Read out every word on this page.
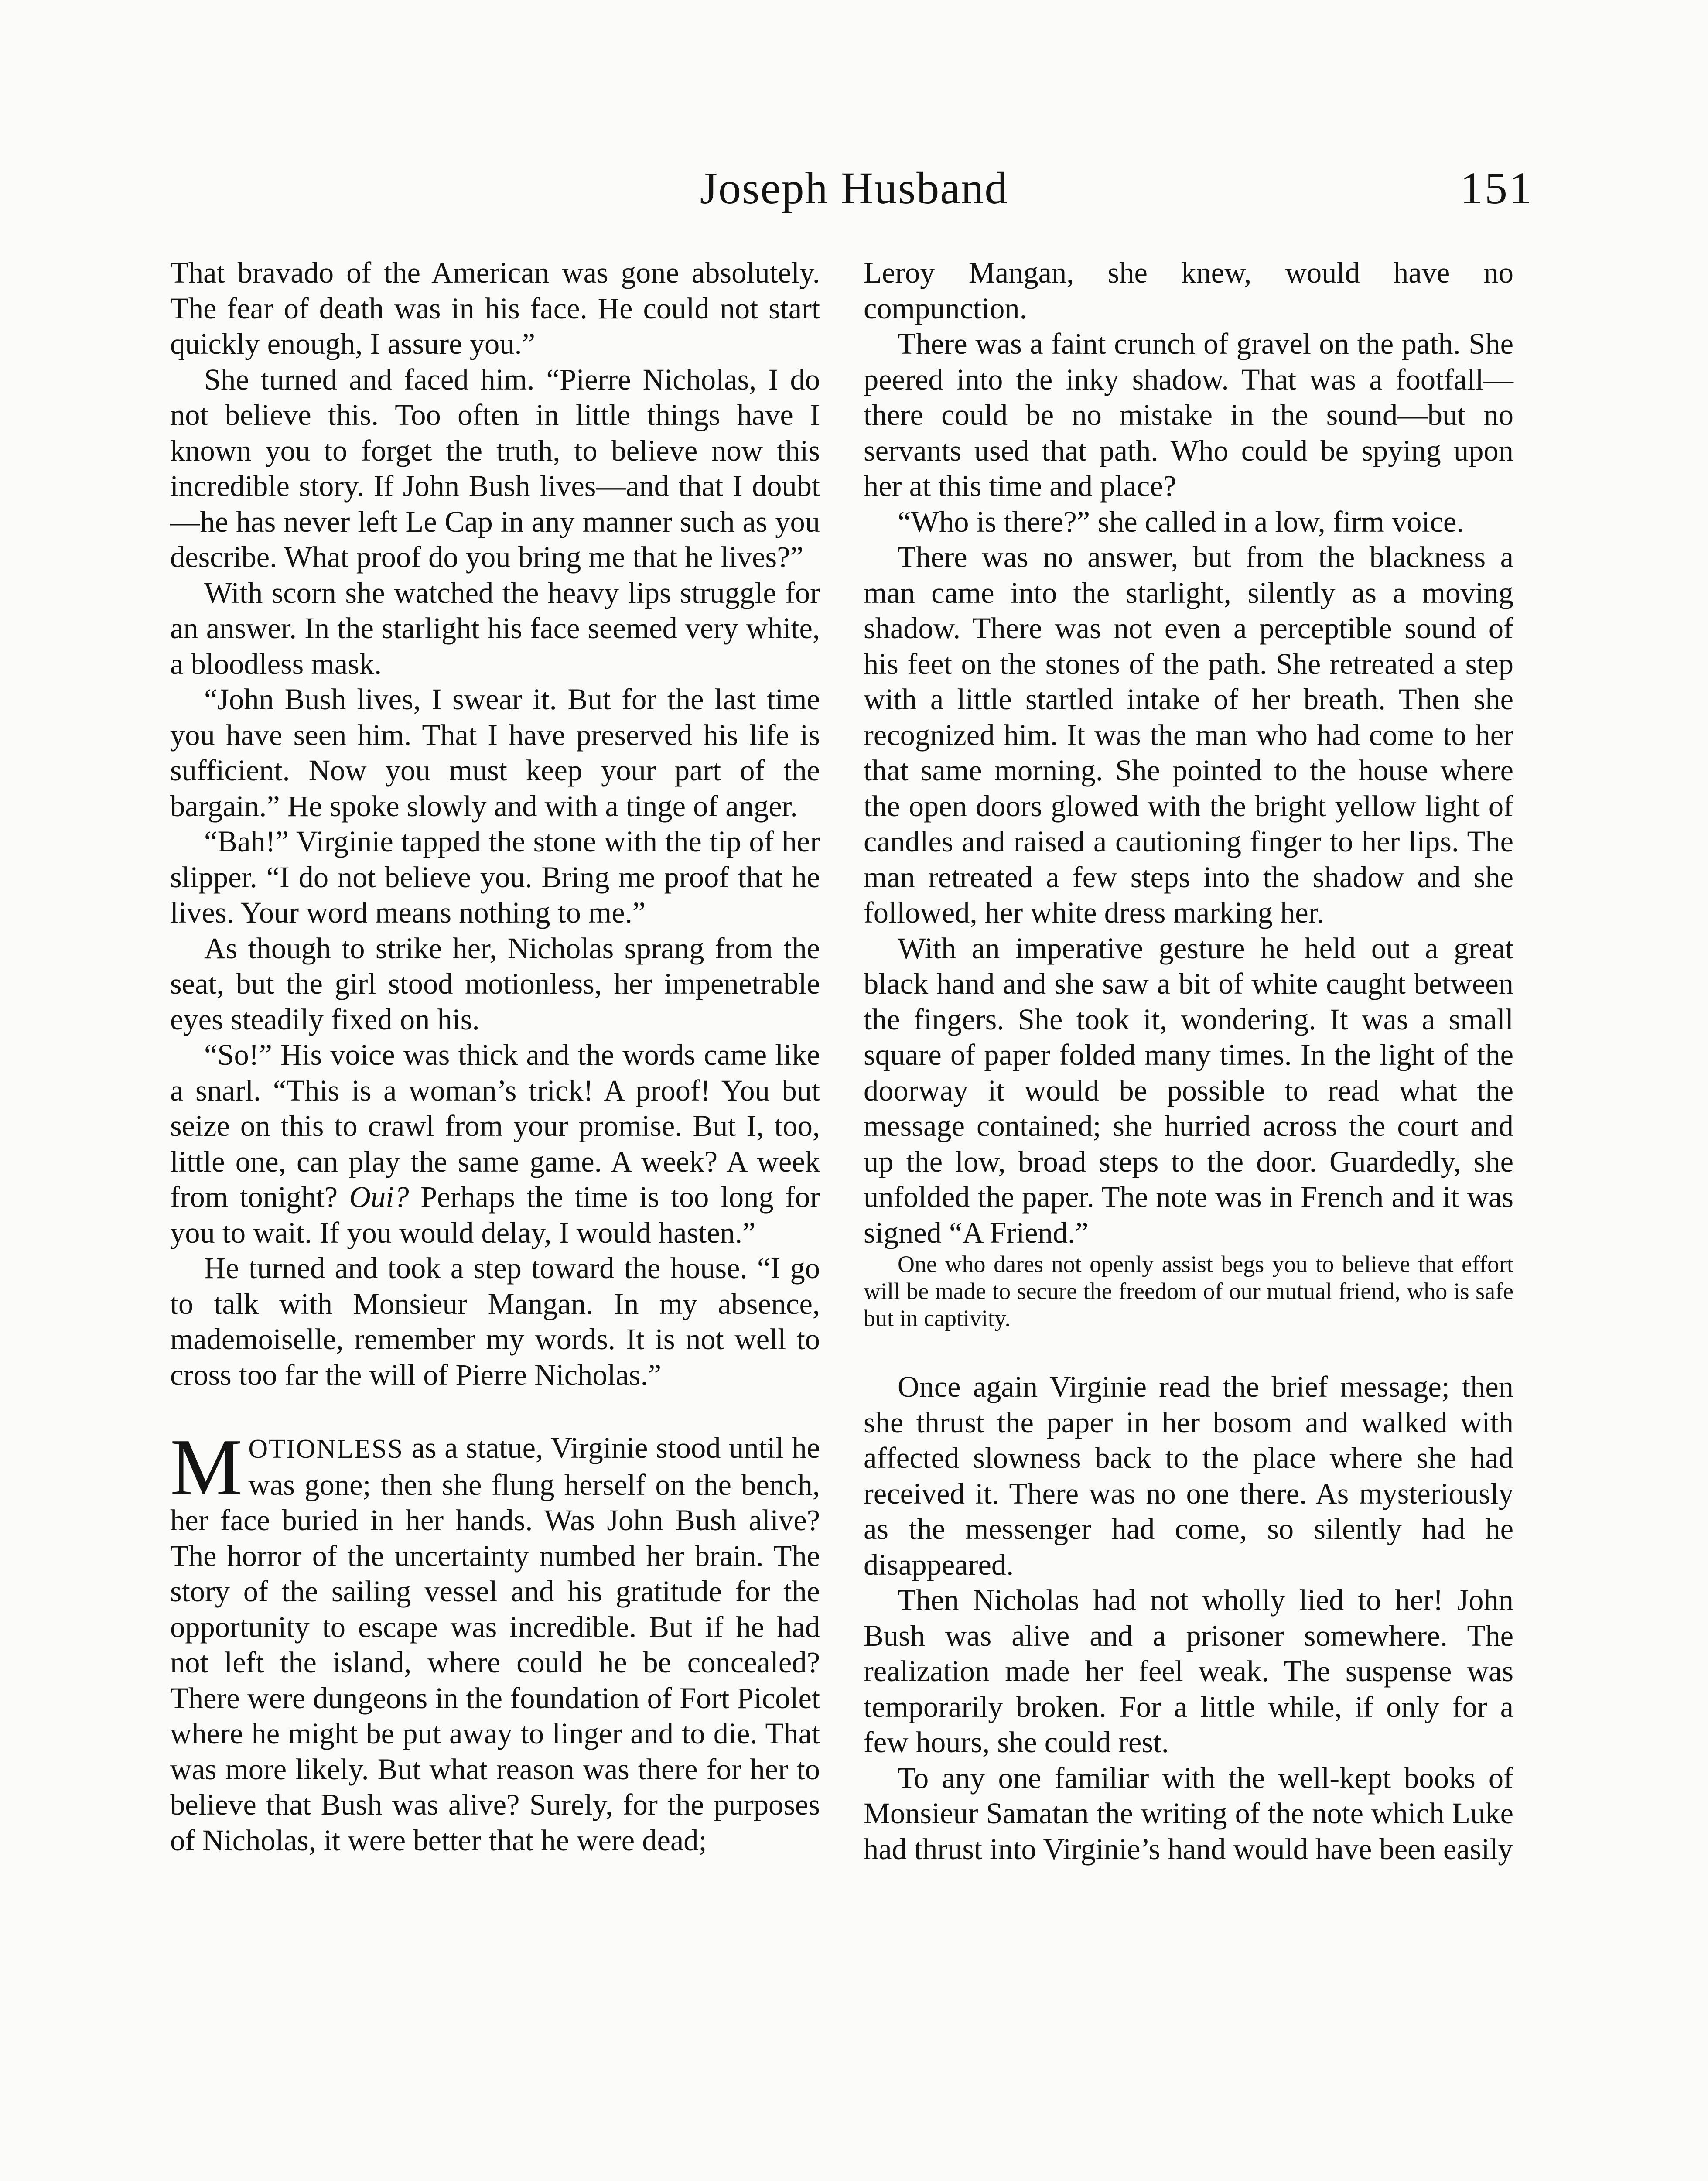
Joseph Husband	151

That bravado of the American was gone absolutely. The fear of death was in his face. He could not start quickly enough, I assure you.”

She turned and faced him. “Pierre Nicholas, I do not believe this. Too often in little things have I known you to forget the truth, to believe now this incredible story. If John Bush lives—and that I doubt—he has never left Le Cap in any manner such as you describe. What proof do you bring me that he lives?”

With scorn she watched the heavy lips struggle for an answer. In the starlight his face seemed very white, a bloodless mask.

“John Bush lives, I swear it. But for the last time you have seen him. That I have preserved his life is sufficient. Now you must keep your part of the bargain.” He spoke slowly and with a tinge of anger.

“Bah!” Virginie tapped the stone with the tip of her slipper. “I do not believe you. Bring me proof that he lives. Your word means nothing to me.”

As though to strike her, Nicholas sprang from the seat, but the girl stood motionless, her impenetrable eyes steadily fixed on his.

“So!” His voice was thick and the words came like a snarl. “This is a woman’s trick! A proof! You but seize on this to crawl from your promise. But I, too, little one, can play the same game. A week? A week from tonight? Oui? Perhaps the time is too long for you to wait. If you would delay, I would hasten.”

He turned and took a step toward the house. “I go to talk with Monsieur Mangan. In my absence, mademoiselle, remember my words. It is not well to cross too far the will of Pierre Nicholas.”

MOTIONLESS as a statue, Virginie stood until he was gone; then she flung herself on the bench, her face buried in her hands. Was John Bush alive? The horror of the uncertainty numbed her brain. The story of the sailing vessel and his gratitude for the opportunity to escape was incredible. But if he had not left the island, where could he be concealed? There were dungeons in the foundation of Fort Picolet where he might be put away to linger and to die. That was more likely. But what reason was there for her to believe that Bush was alive? Surely, for the purposes of Nicholas, it were better that he were dead;

Leroy Mangan, she knew, would have no compunction.

There was a faint crunch of gravel on the path. She peered into the inky shadow. That was a footfall—there could be no mistake in the sound—but no servants used that path. Who could be spying upon her at this time and place?

“Who is there?” she called in a low, firm voice.

There was no answer, but from the blackness a man came into the starlight, silently as a moving shadow. There was not even a perceptible sound of his feet on the stones of the path. She retreated a step with a little startled intake of her breath. Then she recognized him. It was the man who had come to her that same morning. She pointed to the house where the open doors glowed with the bright yellow light of candles and raised a cautioning finger to her lips. The man retreated a few steps into the shadow and she followed, her white dress marking her.

With an imperative gesture he held out a great black hand and she saw a bit of white caught between the fingers. She took it, wondering. It was a small square of paper folded many times. In the light of the doorway it would be possible to read what the message contained; she hurried across the court and up the low, broad steps to the door. Guardedly, she unfolded the paper. The note was in French and it was signed “A Friend.”

One who dares not openly assist begs you to believe that effort will be made to secure the freedom of our mutual friend, who is safe but in captivity.

Once again Virginie read the brief message; then she thrust the paper in her bosom and walked with affected slowness back to the place where she had received it. There was no one there. As mysteriously as the messenger had come, so silently had he disappeared.

Then Nicholas had not wholly lied to her! John Bush was alive and a prisoner somewhere. The realization made her feel weak. The suspense was temporarily broken. For a little while, if only for a few hours, she could rest.

To any one familiar with the well-kept books of Monsieur Samatan the writing of the note which Luke had thrust into Virginie’s hand would have been easily
